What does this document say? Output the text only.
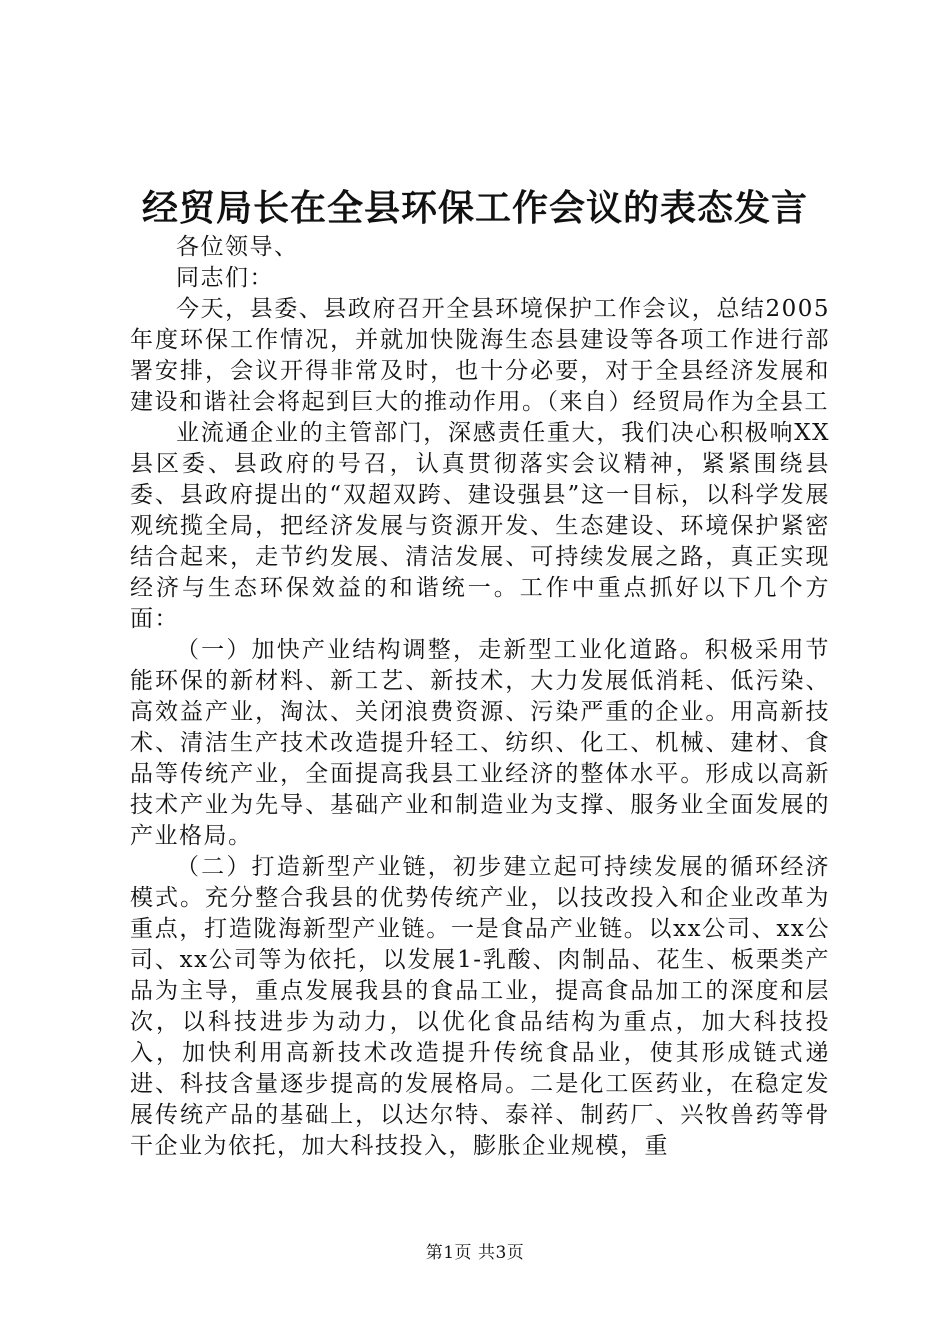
经贸局长在全县环保工作会议的表态发言

各位领导、

同志们：

今天，县委、县政府召开全县环境保护工作会议，总结2005年度环保工作情况，并就加快陇海生态县建设等各项工作进行部署安排，会议开得非常及时，也十分必要，对于全县经济发展和建设和谐社会将起到巨大的推动作用。（来自）经贸局作为全县工

业流通企业的主管部门，深感责任重大，我们决心积极响XX县区委、县政府的号召，认真贯彻落实会议精神，紧紧围绕县委、县政府提出的“双超双跨、建设强县”这一目标，以科学发展观统揽全局，把经济发展与资源开发、生态建设、环境保护紧密结合起来，走节约发展、清洁发展、可持续发展之路，真正实现经济与生态环保效益的和谐统一。工作中重点抓好以下几个方面：

（一）加快产业结构调整，走新型工业化道路。积极采用节能环保的新材料、新工艺、新技术，大力发展低消耗、低污染、高效益产业，淘汰、关闭浪费资源、污染严重的企业。用高新技术、清洁生产技术改造提升轻工、纺织、化工、机械、建材、食品等传统产业，全面提高我县工业经济的整体水平。形成以高新技术产业为先导、基础产业和制造业为支撑、服务业全面发展的产业格局。

（二）打造新型产业链，初步建立起可持续发展的循环经济模式。充分整合我县的优势传统产业，以技改投入和企业改革为重点，打造陇海新型产业链。一是食品产业链。以xx公司、xx公司、xx公司等为依托，以发展1-乳酸、肉制品、花生、板栗类产品为主导，重点发展我县的食品工业，提高食品加工的深度和层次，以科技进步为动力，以优化食品结构为重点，加大科技投入，加快利用高新技术改造提升传统食品业，使其形成链式递进、科技含量逐步提高的发展格局。二是化工医药业，在稳定发展传统产品的基础上，以达尔特、泰祥、制药厂、兴牧兽药等骨干企业为依托，加大科技投入，膨胀企业规模，重

第1页 共3页
